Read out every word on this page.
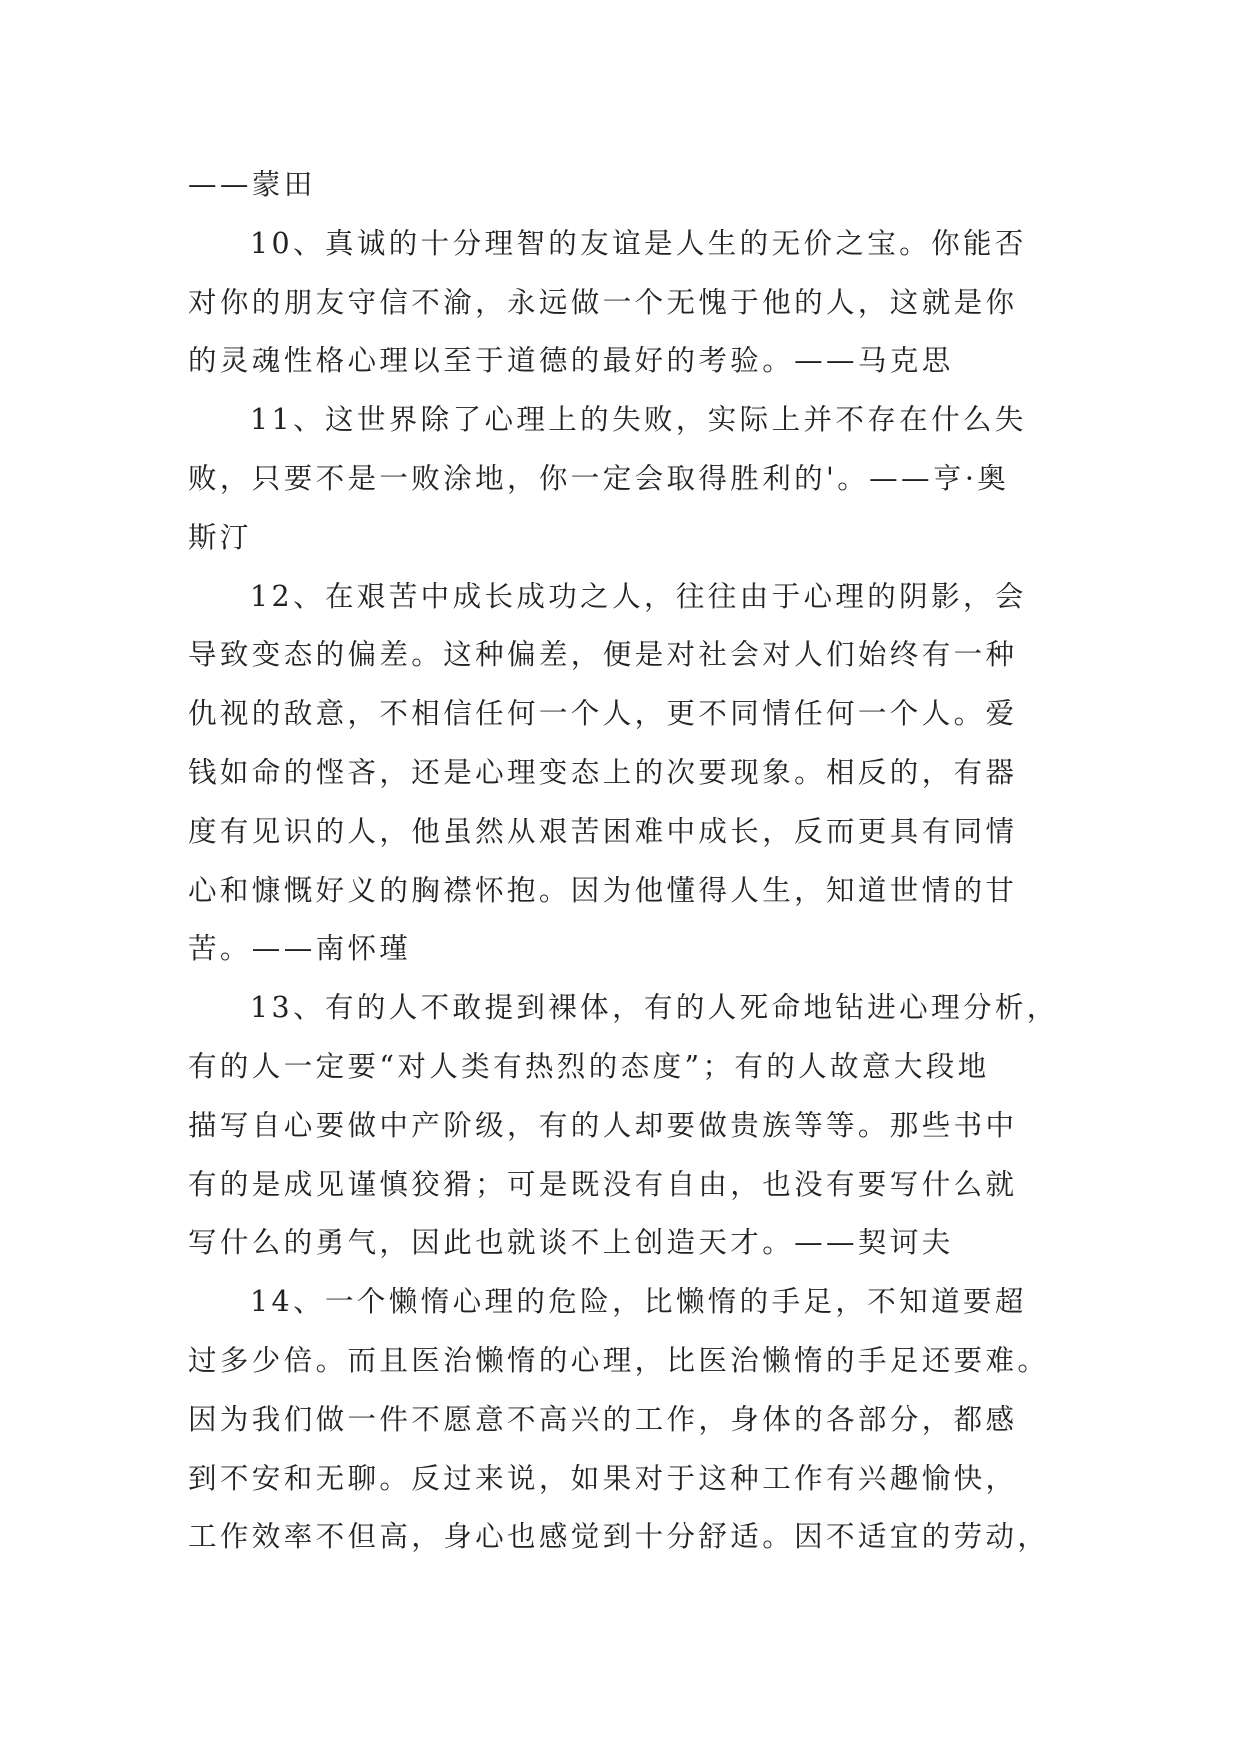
——蒙田
10、真诚的十分理智的友谊是人生的无价之宝。你能否
对你的朋友守信不渝，永远做一个无愧于他的人，这就是你
的灵魂性格心理以至于道德的最好的考验。——马克思
11、这世界除了心理上的失败，实际上并不存在什么失
败，只要不是一败涂地，你一定会取得胜利的'。——亨·奥
斯汀
12、在艰苦中成长成功之人，往往由于心理的阴影，会
导致变态的偏差。这种偏差，便是对社会对人们始终有一种
仇视的敌意，不相信任何一个人，更不同情任何一个人。爱
钱如命的悭吝，还是心理变态上的次要现象。相反的，有器
度有见识的人，他虽然从艰苦困难中成长，反而更具有同情
心和慷慨好义的胸襟怀抱。因为他懂得人生，知道世情的甘
苦。——南怀瑾
13、有的人不敢提到裸体，有的人死命地钻进心理分析，
有的人一定要“对人类有热烈的态度”；有的人故意大段地
描写自心要做中产阶级，有的人却要做贵族等等。那些书中
有的是成见谨慎狡猾；可是既没有自由，也没有要写什么就
写什么的勇气，因此也就谈不上创造天才。——契诃夫
14、一个懒惰心理的危险，比懒惰的手足，不知道要超
过多少倍。而且医治懒惰的心理，比医治懒惰的手足还要难。
因为我们做一件不愿意不高兴的工作，身体的各部分，都感
到不安和无聊。反过来说，如果对于这种工作有兴趣愉快，
工作效率不但高，身心也感觉到十分舒适。因不适宜的劳动，
